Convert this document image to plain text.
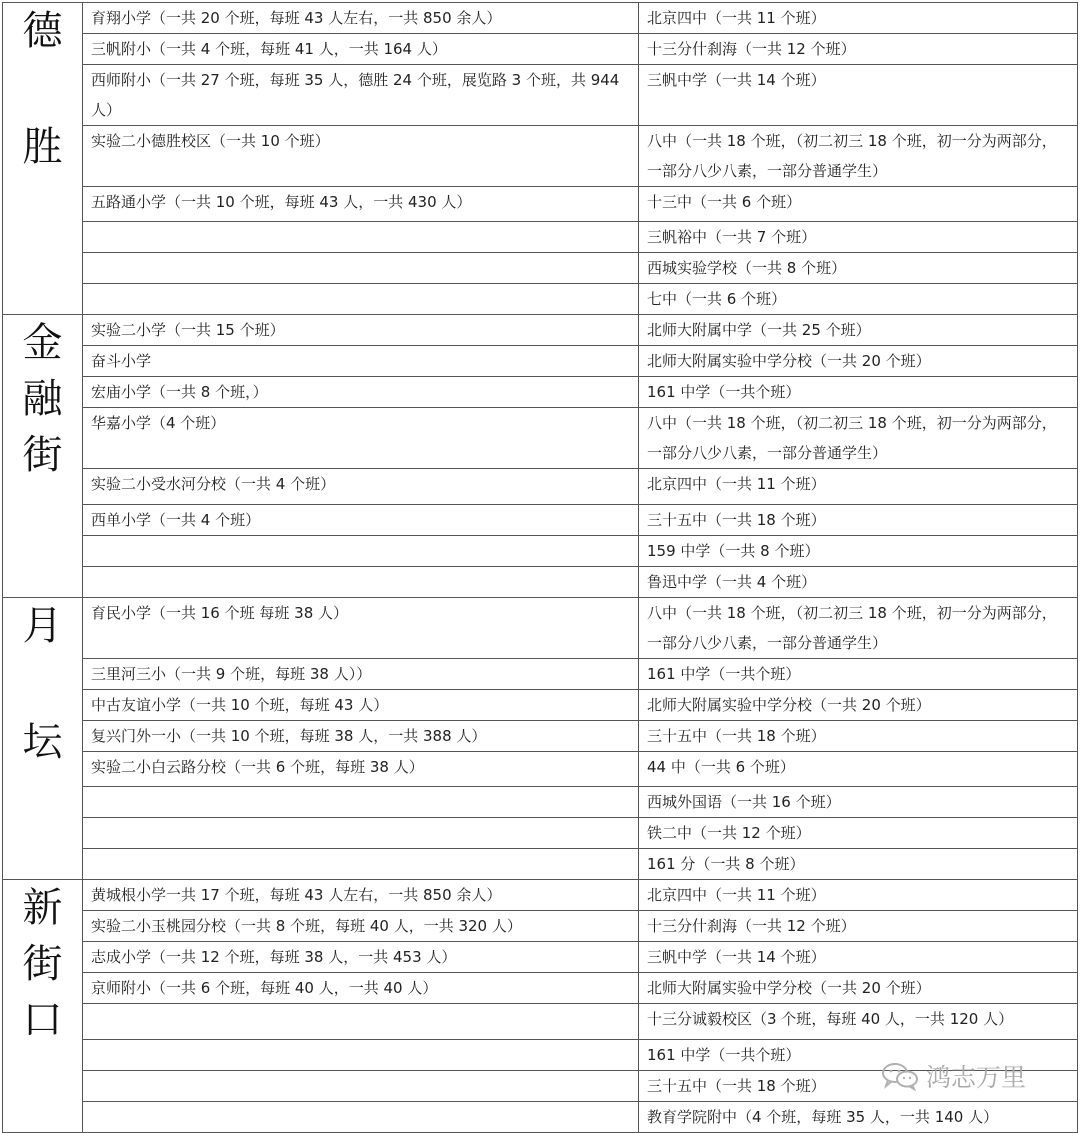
德
胜	育翔小学（一共 20 个班，每班 43 人左右，一共 850 余人）	北京四中（一共 11 个班）
	三帆附小（一共 4 个班，每班 41 人，一共 164 人）	十三分什刹海（一共 12 个班）
	西师附小（一共 27 个班，每班 35 人，德胜 24 个班，展览路 3 个班，共 944 人）	三帆中学（一共 14 个班）
	实验二小德胜校区（一共 10 个班）	八中（一共 18 个班，（初二初三 18 个班，初一分为两部分，一部分八少八素，一部分普通学生）
	五路通小学（一共 10 个班，每班 43 人，一共 430 人）	十三中（一共 6 个班）
		三帆裕中（一共 7 个班）
		西城实验学校（一共 8 个班）
		七中（一共 6 个班）

金
融
街	实验二小学（一共 15 个班）	北师大附属中学（一共 25 个班）
	奋斗小学	北师大附属实验中学分校（一共 20 个班）
	宏庙小学（一共 8 个班，）	161 中学（一共个班）
	华嘉小学（4 个班）	八中（一共 18 个班，（初二初三 18 个班，初一分为两部分，一部分八少八素，一部分普通学生）
	实验二小受水河分校（一共 4 个班）	北京四中（一共 11 个班）
	西单小学（一共 4 个班）	三十五中（一共 18 个班）
		159 中学（一共 8 个班）
		鲁迅中学（一共 4 个班）

月
坛	育民小学（一共 16 个班 每班 38 人）	八中（一共 18 个班，（初二初三 18 个班，初一分为两部分，一部分八少八素，一部分普通学生）
	三里河三小（一共 9 个班，每班 38 人））	161 中学（一共个班）
	中古友谊小学（一共 10 个班，每班 43 人）	北师大附属实验中学分校（一共 20 个班）
	复兴门外一小（一共 10 个班，每班 38 人，一共 388 人）	三十五中（一共 18 个班）
	实验二小白云路分校（一共 6 个班，每班 38 人）	44 中（一共 6 个班）
		西城外国语（一共 16 个班）
		铁二中（一共 12 个班）
		161 分（一共 8 个班）

新
街
口	黄城根小学一共 17 个班，每班 43 人左右，一共 850 余人）	北京四中（一共 11 个班）
	实验二小玉桃园分校（一共 8 个班，每班 40 人，一共 320 人）	十三分什刹海（一共 12 个班）
	志成小学（一共 12 个班，每班 38 人，一共 453 人）	三帆中学（一共 14 个班）
	京师附小（一共 6 个班，每班 40 人，一共 40 人）	北师大附属实验中学分校（一共 20 个班）
		十三分诚毅校区（3 个班，每班 40 人，一共 120 人）
		161 中学（一共个班）
		三十五中（一共 18 个班）
		教育学院附中（4 个班，每班 35 人，一共 140 人）
鸿志万里
